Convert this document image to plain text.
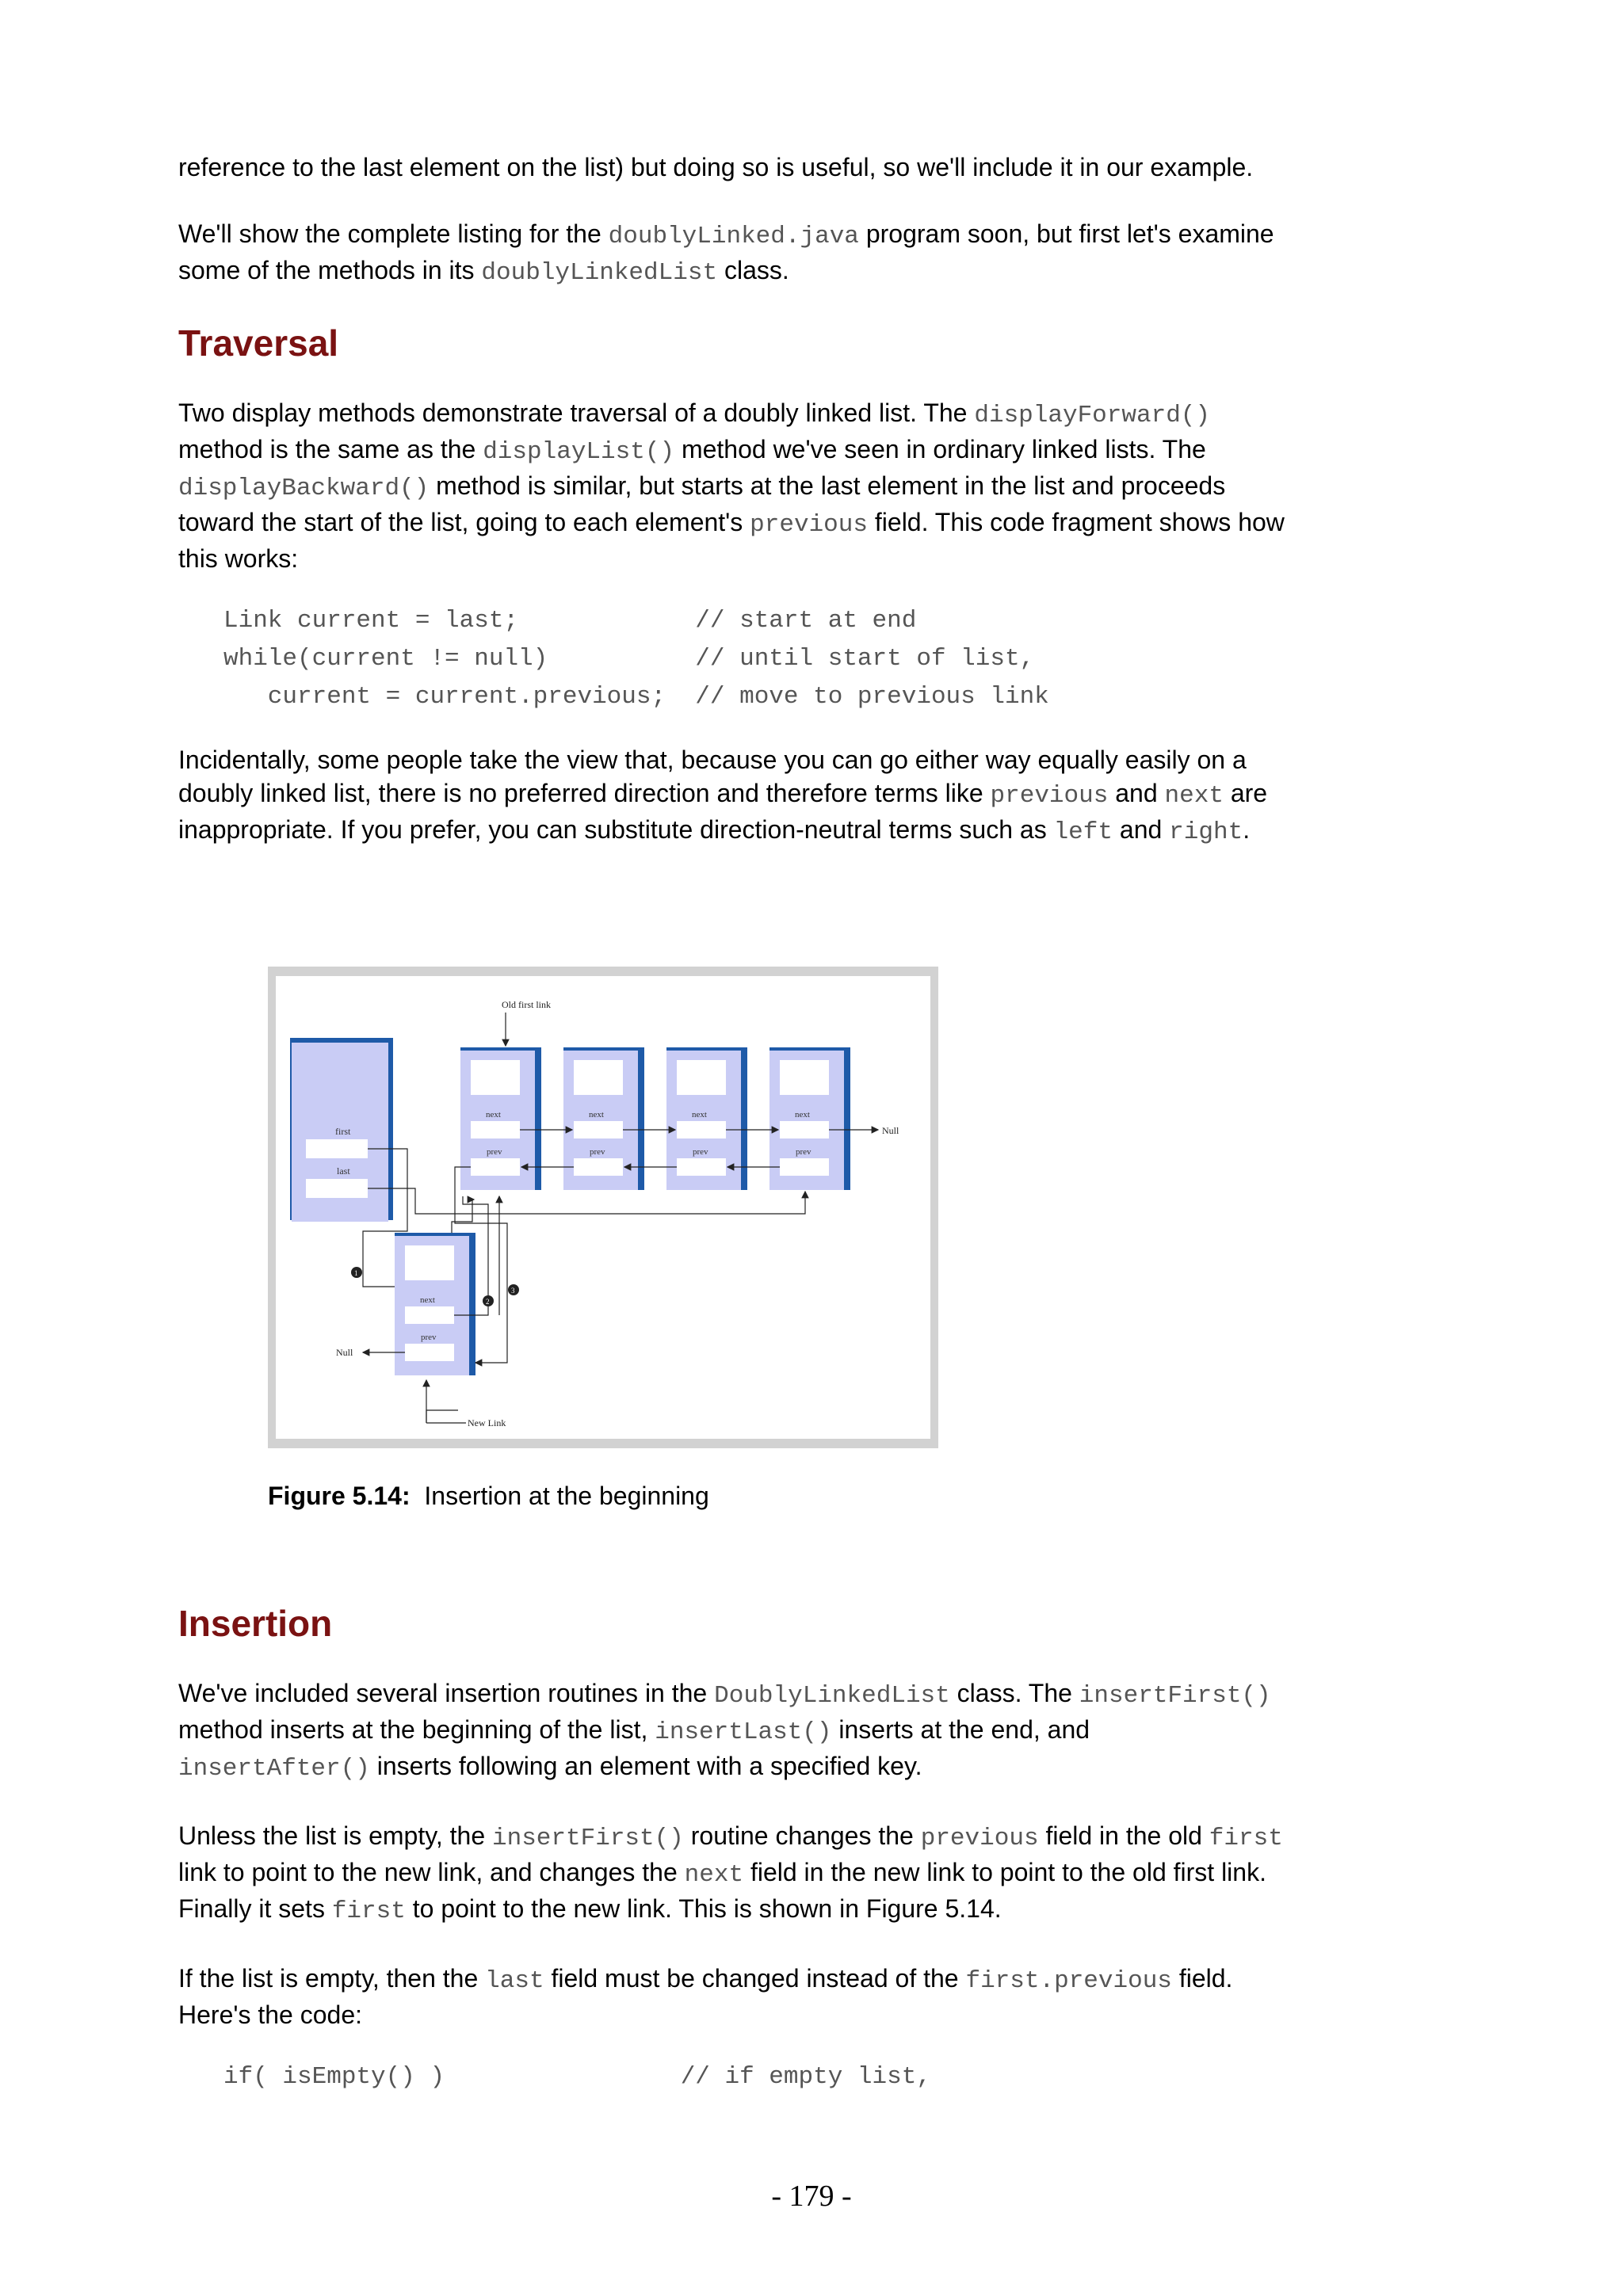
reference to the last element on the list) but doing so is useful, so we'll include it in our example.

We'll show the complete listing for the doublyLinked.java program soon, but first let's examine some of the methods in its doublyLinkedList class.

Traversal

Two display methods demonstrate traversal of a doubly linked list. The displayForward() method is the same as the displayList() method we've seen in ordinary linked lists. The displayBackward() method is similar, but starts at the last element in the list and proceeds toward the start of the list, going to each element's previous field. This code fragment shows how this works:

Link current = last;            // start at end
while(current != null)          // until start of list,
current = current.previous;  // move to previous link

Incidentally, some people take the view that, because you can go either way equally easily on a doubly linked list, there is no preferred direction and therefore terms like previous and next are inappropriate. If you prefer, you can substitute direction-neutral terms such as left and right.

Old first link
first
last
next
prev
next
prev
next
prev
next
prev
Null
next
prev
Null
New Link
1
2
3
Figure 5.14: Insertion at the beginning
Insertion

We've included several insertion routines in the DoublyLinkedList class. The insertFirst() method inserts at the beginning of the list, insertLast() inserts at the end, and insertAfter() inserts following an element with a specified key.

Unless the list is empty, the insertFirst() routine changes the previous field in the old first link to point to the new link, and changes the next field in the new link to point to the old first link. Finally it sets first to point to the new link. This is shown in Figure 5.14.

If the list is empty, then the last field must be changed instead of the first.previous field. Here's the code:

if( isEmpty() )                // if empty list,
- 179 -
